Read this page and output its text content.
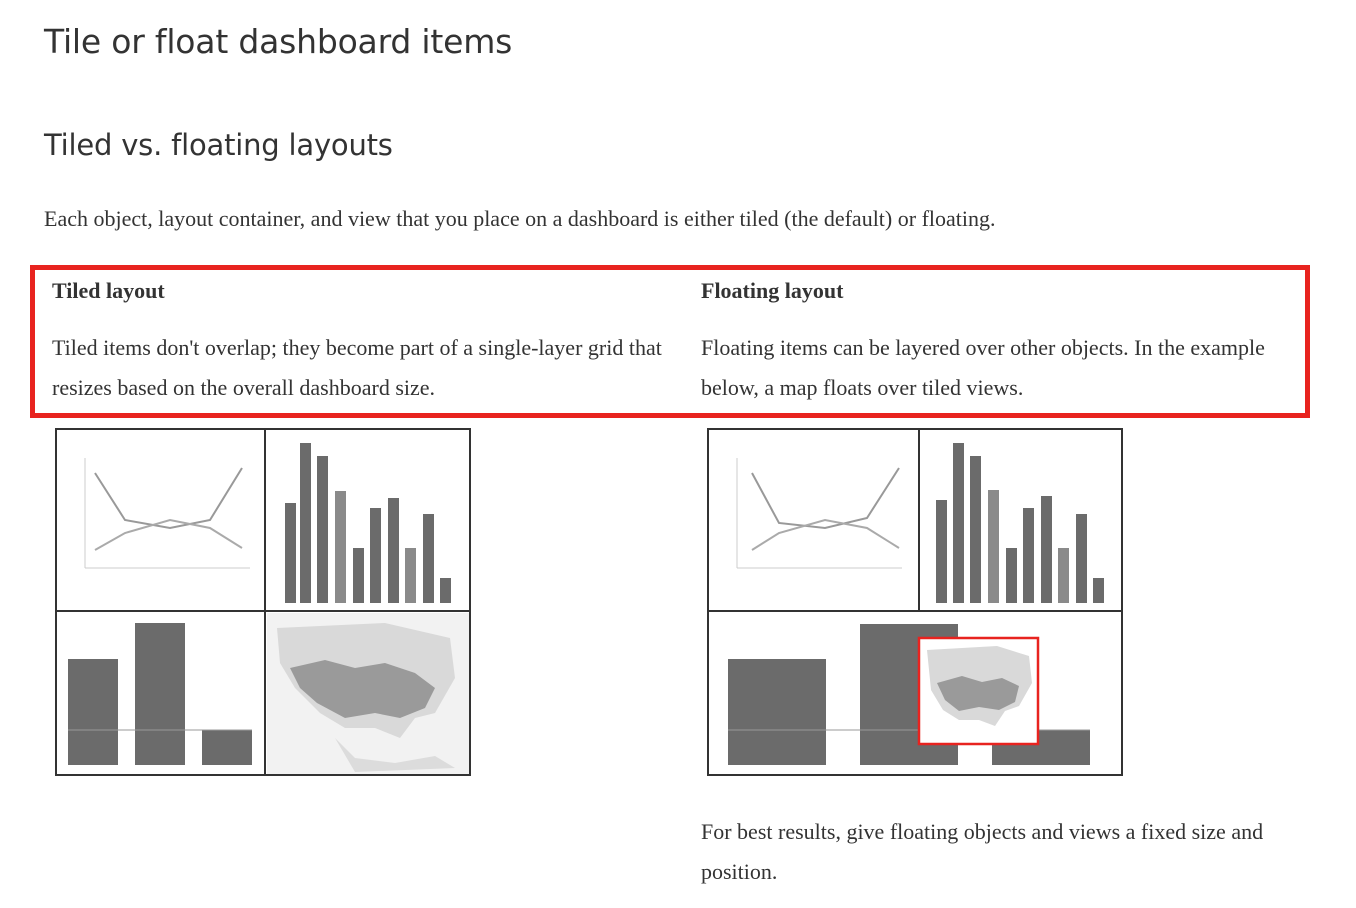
Tile or float dashboard items
Tiled vs. floating layouts

Each object, layout container, and view that you place on a dashboard is either tiled (the default) or floating.

Tiled layout

Tiled items don't overlap; they become part of a single-layer grid that resizes based on the overall dashboard size.

Floating layout

Floating items can be layered over other objects. In the example below, a map floats over tiled views.

For best results, give floating objects and views a fixed size and position.
